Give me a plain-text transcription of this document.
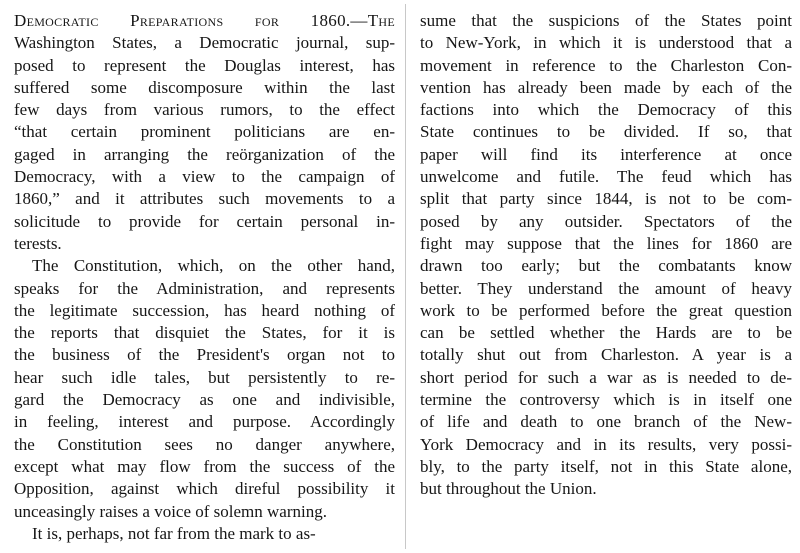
Democratic Preparations for 1860.—The
Washington States, a Democratic journal, sup-
posed to represent the Douglas interest, has
suffered some discomposure within the last
few days from various rumors, to the effect
“that certain prominent politicians are en-
gaged in arranging the reörganization of the
Democracy, with a view to the campaign of
1860,” and it attributes such movements to a
solicitude to provide for certain personal in-
terests.
The Constitution, which, on the other hand,
speaks for the Administration, and represents
the legitimate succession, has heard nothing of
the reports that disquiet the States, for it is
the business of the President's organ not to
hear such idle tales, but persistently to re-
gard the Democracy as one and indivisible,
in feeling, interest and purpose. Accordingly
the Constitution sees no danger anywhere,
except what may flow from the success of the
Opposition, against which direful possibility it
unceasingly raises a voice of solemn warning.
It is, perhaps, not far from the mark to as-
sume that the suspicions of the States point
to New-York, in which it is understood that a
movement in reference to the Charleston Con-
vention has already been made by each of the
factions into which the Democracy of this
State continues to be divided. If so, that
paper will find its interference at once
unwelcome and futile. The feud which has
split that party since 1844, is not to be com-
posed by any outsider. Spectators of the
fight may suppose that the lines for 1860 are
drawn too early; but the combatants know
better. They understand the amount of heavy
work to be performed before the great question
can be settled whether the Hards are to be
totally shut out from Charleston. A year is a
short period for such a war as is needed to de-
termine the controversy which is in itself one
of life and death to one branch of the New-
York Democracy and in its results, very possi-
bly, to the party itself, not in this State alone,
but throughout the Union.
